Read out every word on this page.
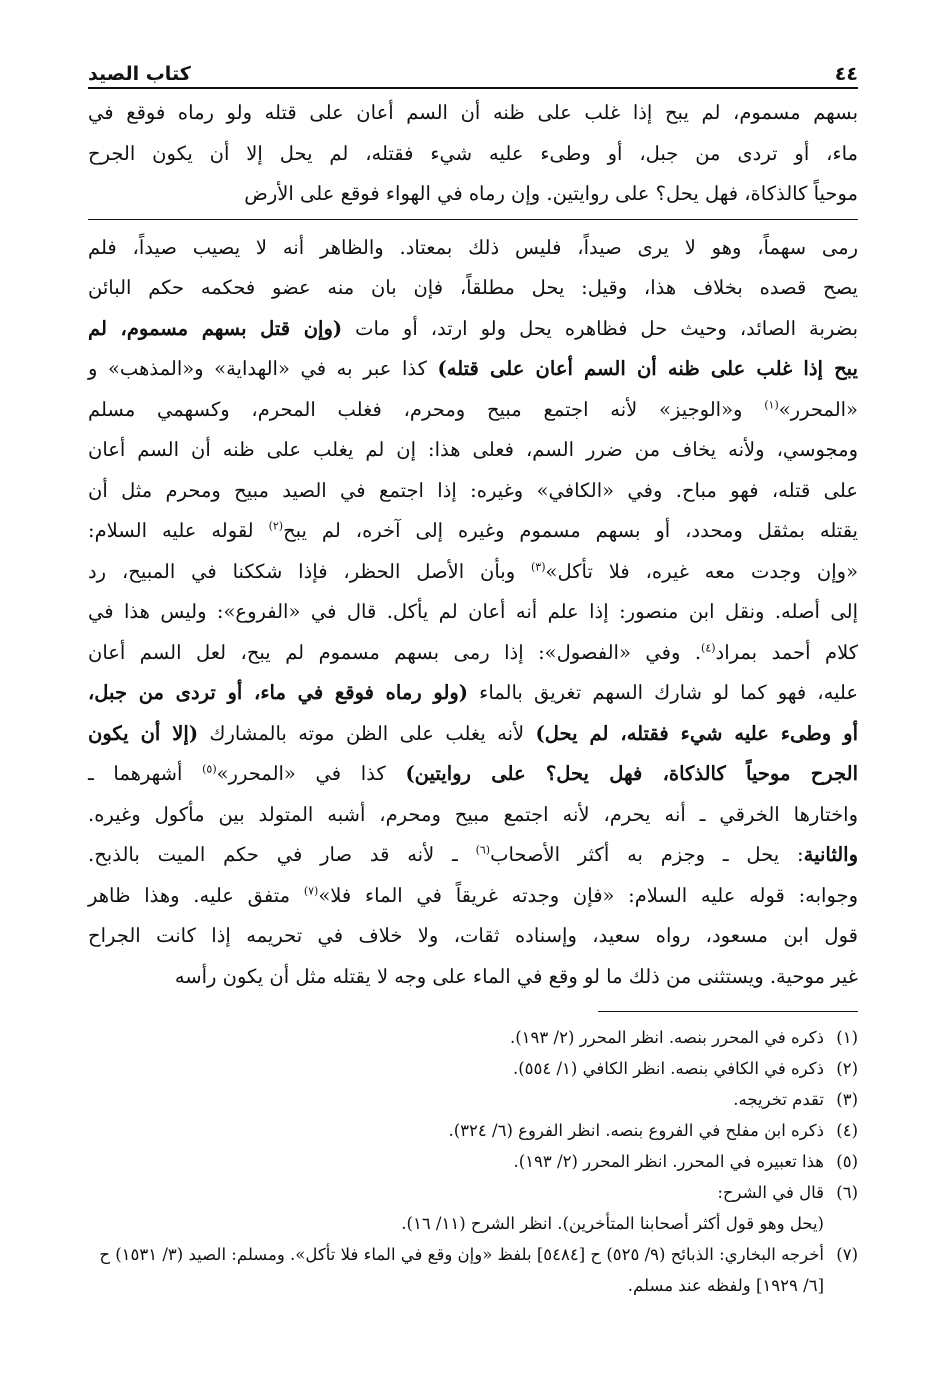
٤٤
كتاب الصيد
بسهم مسموم، لم يبح إذا غلب على ظنه أن السم أعان على قتله ولو رماه فوقع في
ماء، أو تردى من جبل، أو وطىء عليه شيء فقتله، لم يحل إلا أن يكون الجرح
موحياً كالذكاة، فهل يحل؟ على روايتين. وإن رماه في الهواء فوقع على الأرض
رمى سهماً، وهو لا يرى صيداً، فليس ذلك بمعتاد. والظاهر أنه لا يصيب صيداً، فلم
يصح قصده بخلاف هذا، وقيل: يحل مطلقاً، فإن بان منه عضو فحكمه حكم البائن
بضربة الصائد، وحيث حل فظاهره يحل ولو ارتد، أو مات (وإن قتل بسهم مسموم، لم
يبح إذا غلب على ظنه أن السم أعان على قتله) كذا عبر به في «الهداية» و«المذهب» و
«المحرر»$^{(١)}$ و«الوجيز» لأنه اجتمع مبيح ومحرم، فغلب المحرم، وكسهمي مسلم
ومجوسي، ولأنه يخاف من ضرر السم، فعلى هذا: إن لم يغلب على ظنه أن السم أعان
على قتله، فهو مباح. وفي «الكافي» وغيره: إذا اجتمع في الصيد مبيح ومحرم مثل أن
يقتله بمثقل ومحدد، أو بسهم مسموم وغيره إلى آخره، لم يبح$^{(٢)}$ لقوله عليه السلام:
«وإن وجدت معه غيره، فلا تأكل»$^{(٣)}$ وبأن الأصل الحظر، فإذا شككنا في المبيح، رد
إلى أصله. ونقل ابن منصور: إذا علم أنه أعان لم يأكل. قال في «الفروع»: وليس هذا في
كلام أحمد بمراد$^{(٤)}$. وفي «الفصول»: إذا رمى بسهم مسموم لم يبح، لعل السم أعان
عليه، فهو كما لو شارك السهم تغريق بالماء (ولو رماه فوقع في ماء، أو تردى من جبل،
أو وطىء عليه شيء فقتله، لم يحل) لأنه يغلب على الظن موته بالمشارك (إلا أن يكون
الجرح موحياً كالذكاة، فهل يحل؟ على روايتين) كذا في «المحرر»$^{(٥)}$ أشهرهما ـ
واختارها الخرقي ـ أنه يحرم، لأنه اجتمع مبيح ومحرم، أشبه المتولد بين مأكول وغيره.
والثانية: يحل ـ وجزم به أكثر الأصحاب$^{(٦)}$ ـ لأنه قد صار في حكم الميت بالذبح.
وجوابه: قوله عليه السلام: «فإن وجدته غريقاً في الماء فلا»$^{(٧)}$ متفق عليه. وهذا ظاهر
قول ابن مسعود، رواه سعيد، وإسناده ثقات، ولا خلاف في تحريمه إذا كانت الجراح
غير موحية. ويستثنى من ذلك ما لو وقع في الماء على وجه لا يقتله مثل أن يكون رأسه
(١)
ذكره في المحرر بنصه. انظر المحرر (٢/ ١٩٣).
(٢)
ذكره في الكافي بنصه. انظر الكافي (١/ ٥٥٤).
(٣)
تقدم تخريجه.
(٤)
ذكره ابن مفلح في الفروع بنصه. انظر الفروع (٦/ ٣٢٤).
(٥)
هذا تعبيره في المحرر. انظر المحرر (٢/ ١٩٣).
(٦)
قال في الشرح:
(يحل وهو قول أكثر أصحابنا المتأخرين). انظر الشرح (١١/ ١٦).
(٧)
أخرجه البخاري: الذبائح (٩/ ٥٢٥) ح [٥٤٨٤] بلفظ «وإن وقع في الماء فلا تأكل». ومسلم: الصيد (٣/ ١٥٣١) ح [٦/ ١٩٢٩] ولفظه عند مسلم.
